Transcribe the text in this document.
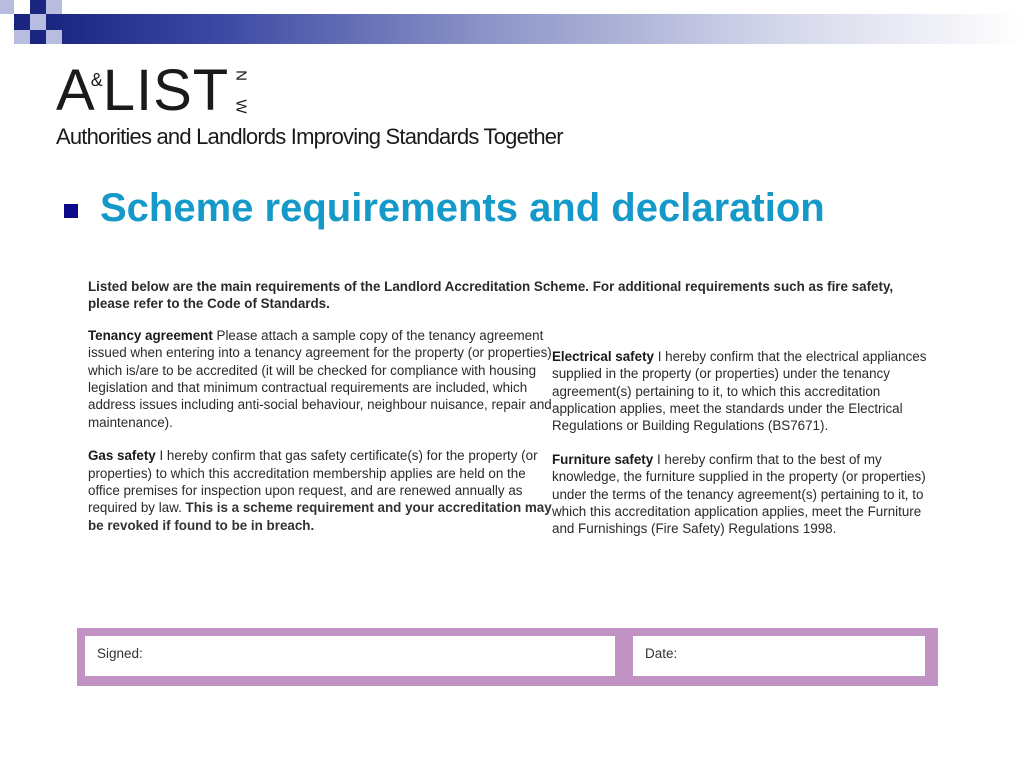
A
& LIST N
W
Authorities and Landlords Improving Standards Together
Scheme requirements and declaration
Listed below are the main requirements of the Landlord Accreditation Scheme. For additional requirements such as fire safety, please refer to the Code of Standards.

Tenancy agreement Please attach a sample copy of the tenancy agreement issued when entering into a tenancy agreement for the property (or properties) which is/are to be accredited (it will be checked for compliance with housing legislation and that minimum contractual requirements are included, which address issues including anti-social behaviour, neighbour nuisance, repair and maintenance).

Gas safety I hereby confirm that gas safety certificate(s) for the property (or properties) to which this accreditation membership applies are held on the office premises for inspection upon request, and are renewed annually as required by law. This is a scheme requirement and your accreditation may be revoked if found to be in breach.

Electrical safety I hereby confirm that the electrical appliances supplied in the property (or properties) under the tenancy agreement(s) pertaining to it, to which this accreditation application applies, meet the standards under the Electrical Regulations or Building Regulations (BS7671).

Furniture safety I hereby confirm that to the best of my knowledge, the furniture supplied in the property (or properties) under the terms of the tenancy agreement(s) pertaining to it, to which this accreditation application applies, meet the Furniture and Furnishings (Fire Safety) Regulations 1998.

Signed:	Date:
